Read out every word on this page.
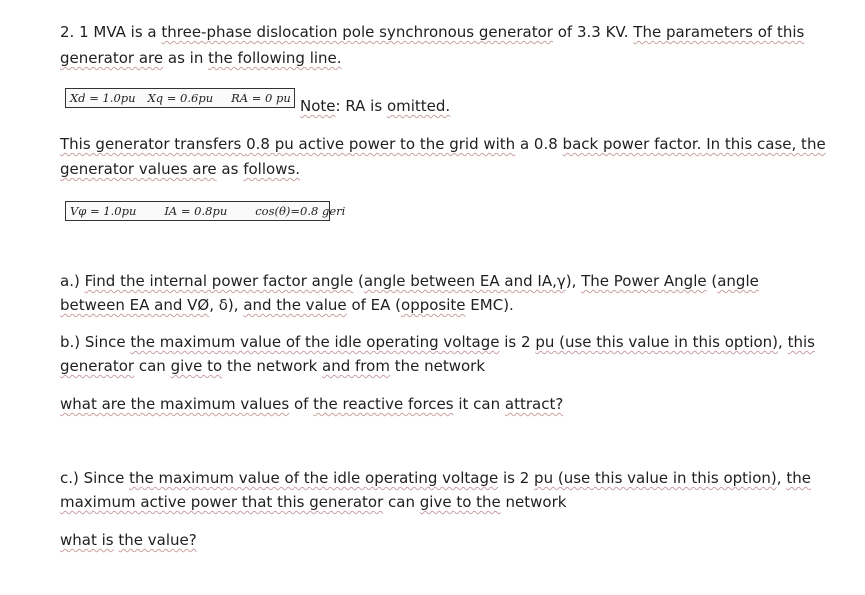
2. 1 MVA is a three-phase dislocation pole synchronous generator of 3.3 KV. The parameters of this
generator are as in the following line.
Xd = 1.0pu Xq = 0.6pu RA = 0 pu Note: RA is omitted.
This generator transfers 0.8 pu active power to the grid with a 0.8 back power factor. In this case, the
generator values are as follows.
Vφ = 1.0pu IA = 0.8pu cos(θ)=0.8 geri
a.) Find the internal power factor angle (angle between EA and IA,γ), The Power Angle (angle
between EA and VØ, δ), and the value of EA (opposite EMC).
b.) Since the maximum value of the idle operating voltage is 2 pu (use this value in this option), this
generator can give to the network and from the network
what are the maximum values of the reactive forces it can attract?
c.) Since the maximum value of the idle operating voltage is 2 pu (use this value in this option), the
maximum active power that this generator can give to the network
what is the value?
